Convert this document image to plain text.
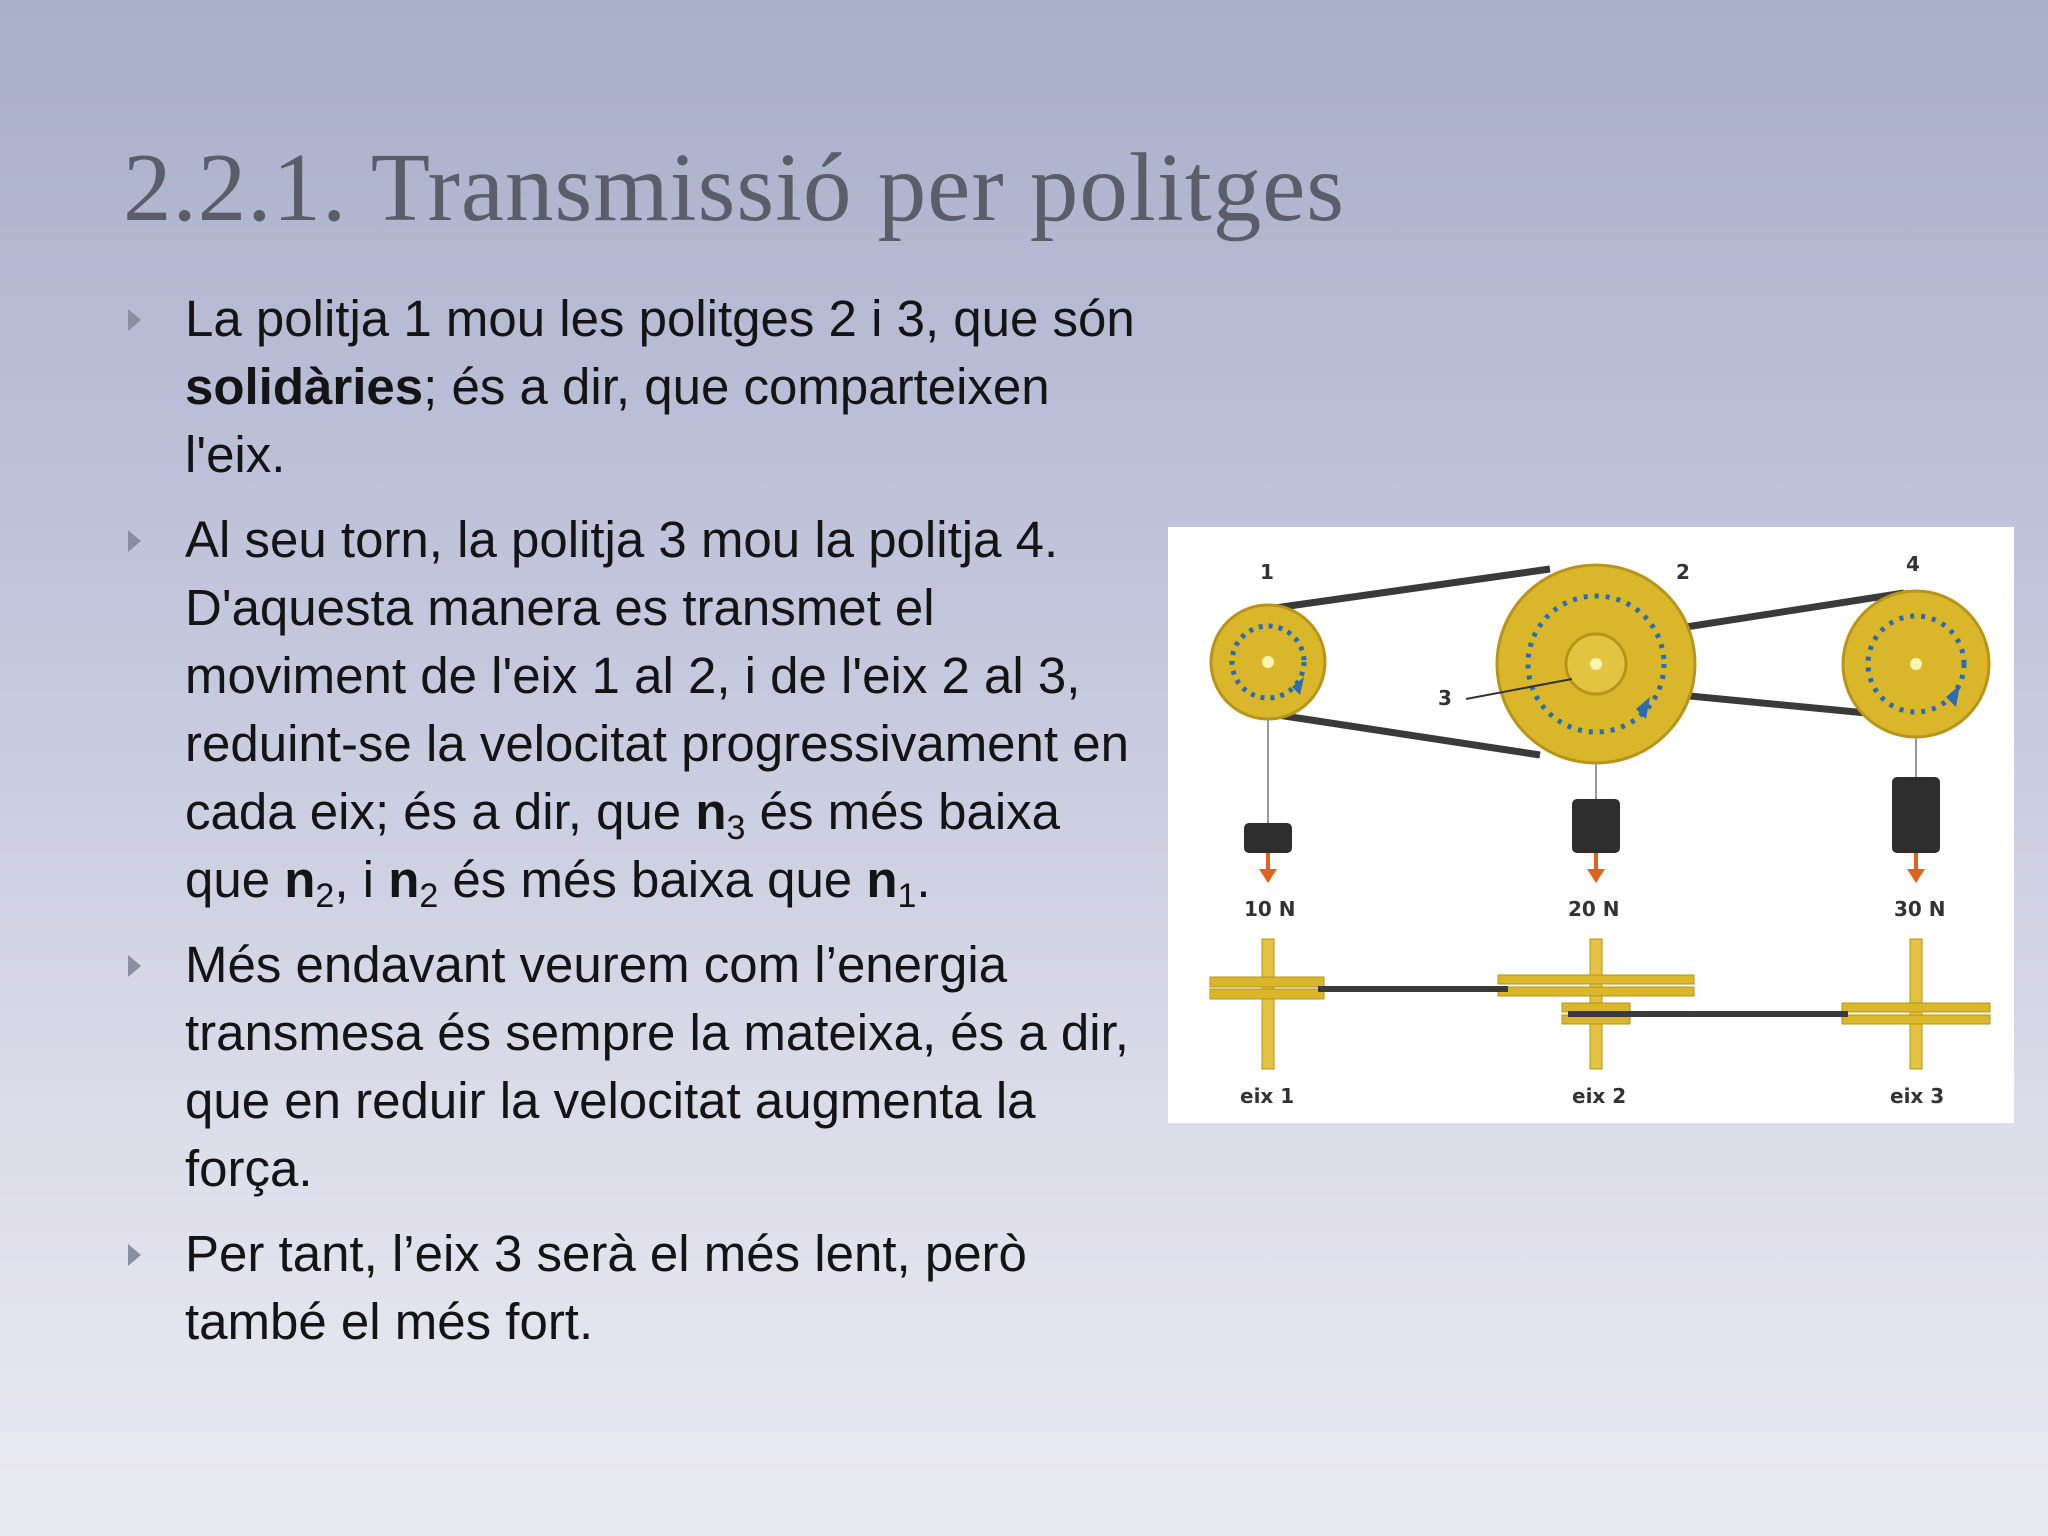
2.2.1. Transmissió per politges
La politja 1 mou les politges 2 i 3, que són solidàries; és a dir, que comparteixen l'eix.
Al seu torn, la politja 3 mou la politja 4. D'aquesta manera es transmet el moviment de l'eix 1 al 2, i de l'eix 2 al 3, reduint-se la velocitat progressivament en cada eix; és a dir, que $n_3$ és més baixa que $n_2$, i $n_2$ és més baixa que $n_1$.
Més endavant veurem com l’energia transmesa és sempre la mateixa, és a dir, que en reduir la velocitat augmenta la força.
Per tant, l’eix 3 serà el més lent, però també el més fort.
1	2
3
4
10 N	20 N	30 N
eix 1	eix 2	eix 3
